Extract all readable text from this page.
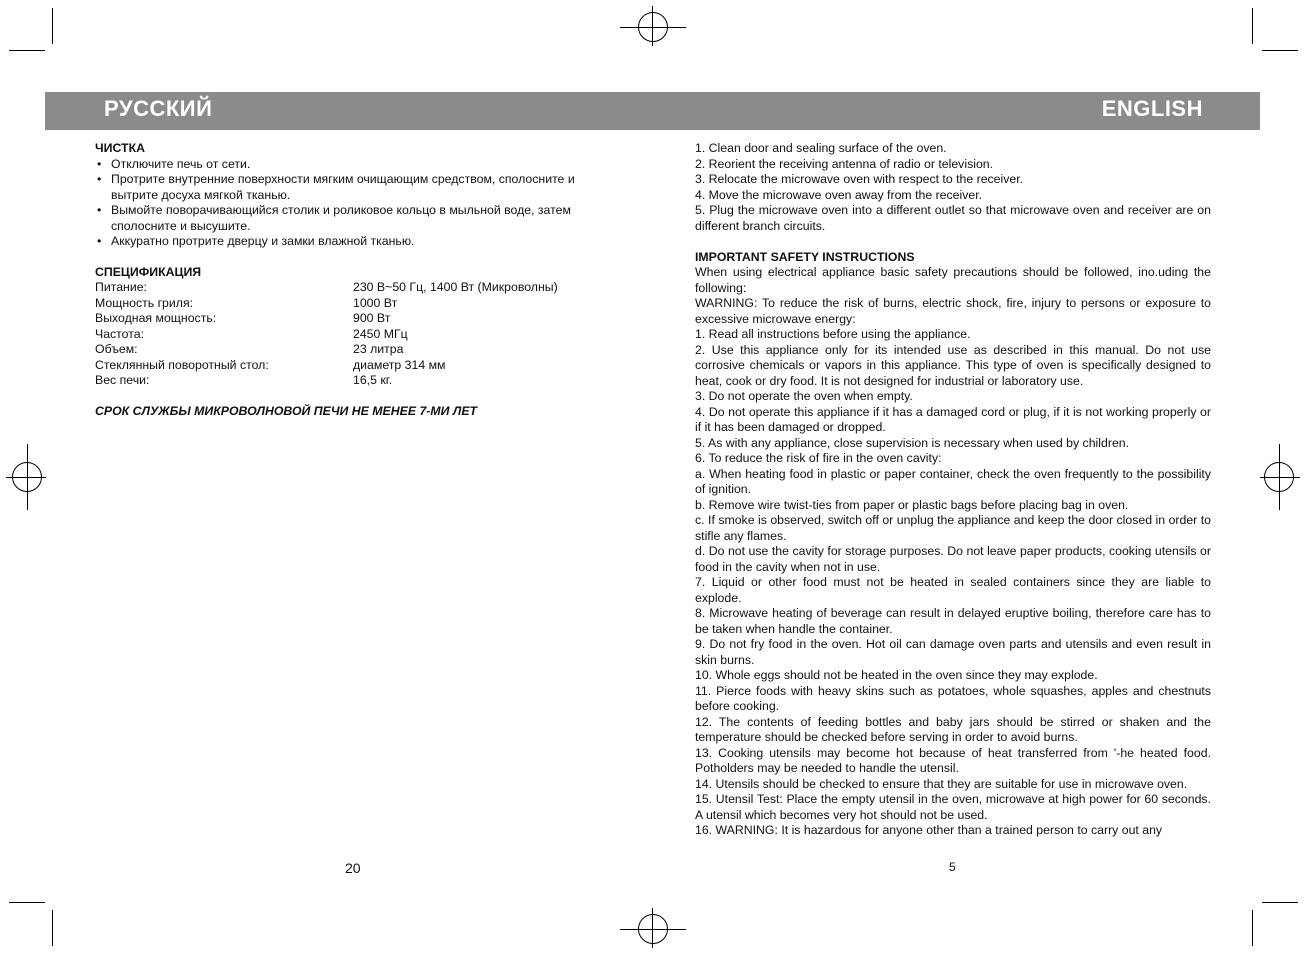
РУССКИЙ	ENGLISH

ЧИСТКА

• Отключите печь от сети.
• Протрите внутренние поверхности мягким очищающим средством, сполосните и вытрите досуха мягкой тканью.
• Вымойте поворачивающийся столик и роликовое кольцо в мыльной воде, затем сполосните и высушите.
• Аккуратно протрите дверцу и замки влажной тканью.

СПЕЦИФИКАЦИЯ

Питание:	230 В~50 Гц, 1400 Вт (Микроволны)
Мощность гриля:	1000 Вт
Выходная мощность:	900 Вт
Частота:	2450 МГц
Объем:	23 литра
Стеклянный поворотный стол:	диаметр 314 мм
Вес печи:	16,5 кг.

СРОК СЛУЖБЫ МИКРОВОЛНОВОЙ ПЕЧИ НЕ МЕНЕЕ 7-МИ ЛЕТ

1. Clean door and sealing surface of the oven.

2. Reorient the receiving antenna of radio or television.

3. Relocate the microwave oven with respect to the receiver.

4. Move the microwave oven away from the receiver.

5. Plug the microwave oven into a different outlet so that microwave oven and receiver are on different branch circuits.

IMPORTANT SAFETY INSTRUCTIONS

When using electrical appliance basic safety precautions should be followed, ino.uding the following:

WARNING: To reduce the risk of burns, electric shock, fire, injury to persons or exposure to excessive microwave energy:

1. Read all instructions before using the appliance.

2. Use this appliance only for its intended use as described in this manual. Do not use corrosive chemicals or vapors in this appliance. This type of oven is specifically designed to heat, cook or dry food. It is not designed for industrial or laboratory use.

3. Do not operate the oven when empty.

4. Do not operate this appliance if it has a damaged cord or plug, if it is not working properly or if it has been damaged or dropped.

5. As with any appliance, close supervision is necessary when used by children.

6. To reduce the risk of fire in the oven cavity:

a. When heating food in plastic or paper container, check the oven frequently to the possibility of ignition.

b. Remove wire twist-ties from paper or plastic bags before placing bag in oven.

c. If smoke is observed, switch off or unplug the appliance and keep the door closed in order to stifle any flames.

d. Do not use the cavity for storage purposes. Do not leave paper products, cooking utensils or food in the cavity when not in use.

7. Liquid or other food must not be heated in sealed containers since they are liable to explode.

8. Microwave heating of beverage can result in delayed eruptive boiling, therefore care has to be taken when handle the container.

9. Do not fry food in the oven. Hot oil can damage oven parts and utensils and even result in skin burns.

10. Whole eggs should not be heated in the oven since they may explode.

11. Pierce foods with heavy skins such as potatoes, whole squashes, apples and chestnuts before cooking.

12. The contents of feeding bottles and baby jars should be stirred or shaken and the temperature should be checked before serving in order to avoid burns.

13. Cooking utensils may become hot because of heat transferred from '-he heated food. Potholders may be needed to handle the utensil.

14. Utensils should be checked to ensure that they are suitable for use in microwave oven.

15. Utensil Test: Place the empty utensil in the oven, microwave at high power for 60 seconds. A utensil which becomes very hot should not be used.

16. WARNING: It is hazardous for anyone other than a trained person to carry out any

20	5
